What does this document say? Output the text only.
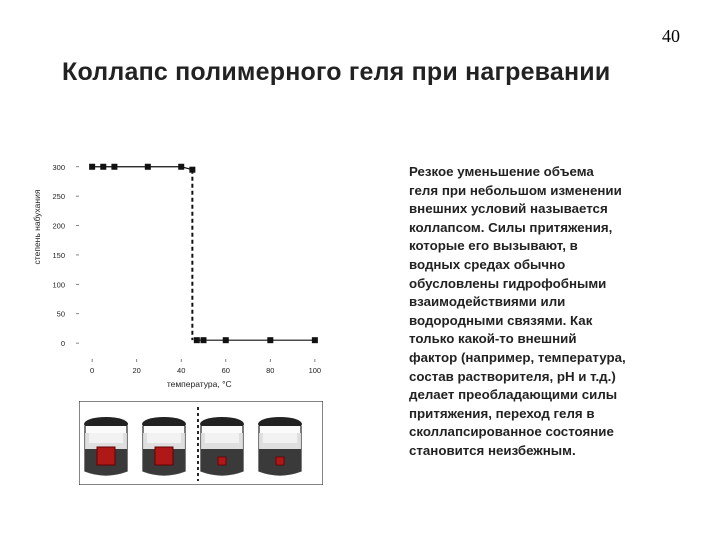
40
Коллапс полимерного геля при нагревании
0
50
100
150
200
250
300
0	20	40	60	80	100
температура, °С
степень набухания
Резкое уменьшение объема
геля при небольшом изменении
внешних условий называется
коллапсом. Силы притяжения,
которые его вызывают, в
водных средах обычно
обусловлены гидрофобными
взаимодействиями или
водородными связями. Как
только какой-то внешний
фактор (например, температура,
состав растворителя, рН и т.д.)
делает преобладающими силы
притяжения, переход геля в
сколлапсированное состояние
становится неизбежным.
